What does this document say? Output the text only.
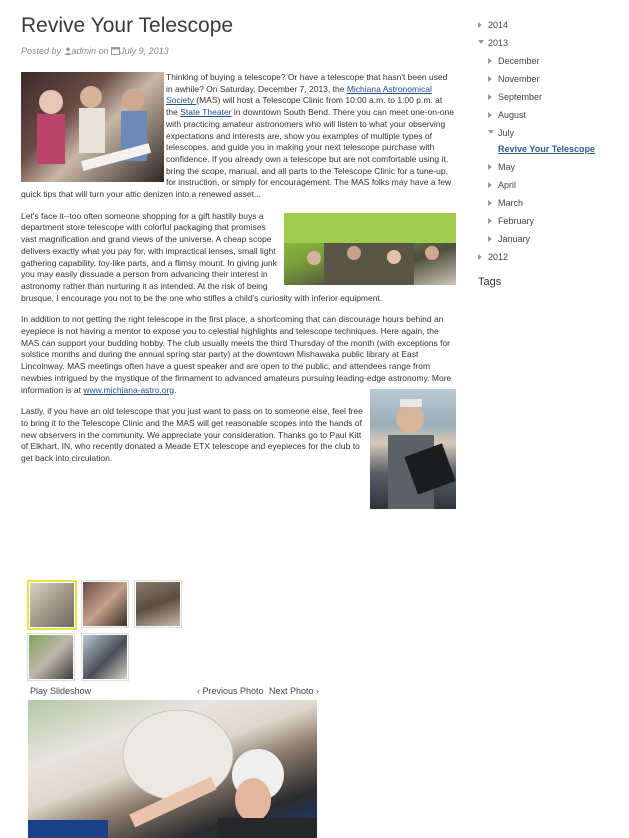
Revive Your Telescope
Posted by admin on July 9, 2013

Thinking of buying a telescope? Or have a telescope that hasn't been used in awhile? On Saturday, December 7, 2013, the Michiana Astronomical Society (MAS) will host a Telescope Clinic from 10:00 a.m. to 1:00 p.m. at the State Theater in downtown South Bend. There you can meet one-on-one with practicing amateur astronomers who will listen to what your observing expectations and interests are, show you examples of multiple types of telescopes, and guide you in making your next telescope purchase with confidence. If you already own a telescope but are not comfortable using it, bring the scope, manual, and all parts to the Telescope Clinic for a tune-up, for instruction, or simply for encouragement. The MAS folks may have a few quick tips that will turn your attic denizen into a renewed asset...

Let's face it--too often someone shopping for a gift hastily buys a department store telescope with colorful packaging that promises vast magnification and grand views of the universe. A cheap scope delivers exactly what you pay for, with impractical lenses, small light gathering capability, toy-like parts, and a flimsy mount. In giving junk you may easily dissuade a person from advancing their interest in astronomy rather than nurturing it as intended. At the risk of being brusque, I encourage you not to be the one who stifles a child's curiosity with inferior equipment.

In addition to not getting the right telescope in the first place, a shortcoming that can discourage hours behind an eyepiece is not having a mentor to expose you to celestial highlights and telescope techniques. Here again, the MAS can support your budding hobby. The club usually meets the third Thursday of the month (with exceptions for solstice months and during the annual spring star party) at the downtown Mishawaka public library at East Lincolnway. MAS meetings often have a guest speaker and are open to the public, and attendees range from newbies intrigued by the mystique of the firmament to advanced amateurs pursuing leading-edge astronomy. More information is at www.michiana-astro.org.

Lastly, if you have an old telescope that you just want to pass on to someone else, feel free to bring it to the Telescope Clinic and the MAS will get reasonable scopes into the hands of new observers in the community. We appreciate your consideration. Thanks go to Paul Kitt of Elkhart, IN, who recently donated a Meade ETX telescope and eyepieces for the club to get back into circulation.

2014
2013
December
November
September
August
July
Revive Your Telescope
May
April
March
February
January
2012
Tags
Play Slideshow	‹ Previous Photo Next Photo ›
